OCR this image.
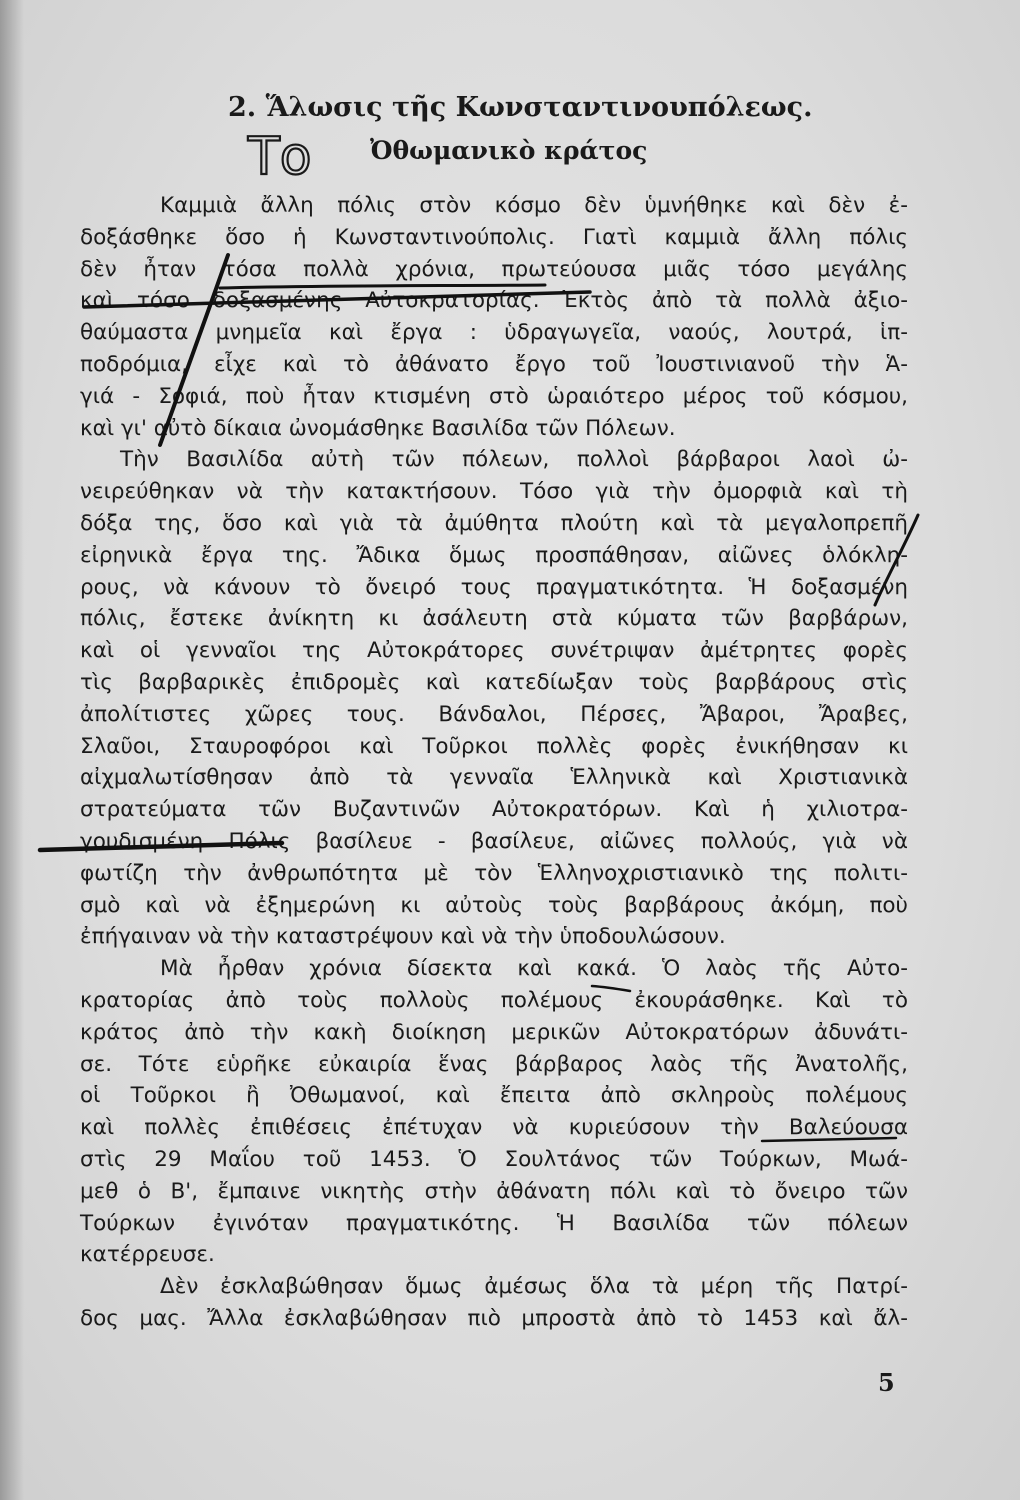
2. Ἅλωσις τῆς Κωνσταντινουπόλεως.
Ὀθωμανικὸ κράτος
Καμμιὰ ἄλλη πόλις στὸν κόσμο δὲν ὑμνήθηκε καὶ δὲν ἐ-
δοξάσθηκε ὅσο ἡ Κωνσταντινούπολις. Γιατὶ καμμιὰ ἄλλη πόλις
δὲν ἦταν τόσα πολλὰ χρόνια, πρωτεύουσα μιᾶς τόσο μεγάλης
καὶ τόσο δοξασμένης Αὐτοκρατορίας. Ἐκτὸς ἀπὸ τὰ πολλὰ ἀξιο-
θαύμαστα μνημεῖα καὶ ἔργα : ὑδραγωγεῖα, ναούς, λουτρά, ἱπ-
ποδρόμια, εἶχε καὶ τὸ ἀθάνατο ἔργο τοῦ Ἰουστινιανοῦ τὴν Ἁ-
γιά - Σοφιά, ποὺ ἦταν κτισμένη στὸ ὡραιότερο μέρος τοῦ κόσμου,
καὶ γι' αὐτὸ δίκαια ὠνομάσθηκε Βασιλίδα τῶν Πόλεων.
Τὴν Βασιλίδα αὐτὴ τῶν πόλεων, πολλοὶ βάρβαροι λαοὶ ὠ-
νειρεύθηκαν νὰ τὴν κατακτήσουν. Τόσο γιὰ τὴν ὀμορφιὰ καὶ τὴ
δόξα της, ὅσο καὶ γιὰ τὰ ἀμύθητα πλούτη καὶ τὰ μεγαλοπρεπῆ
εἰρηνικὰ ἔργα της. Ἄδικα ὅμως προσπάθησαν, αἰῶνες ὁλόκλη-
ρους, νὰ κάνουν τὸ ὄνειρό τους πραγματικότητα. Ἡ δοξασμένη
πόλις, ἔστεκε ἀνίκητη κι ἀσάλευτη στὰ κύματα τῶν βαρβάρων,
καὶ οἱ γενναῖοι της Αὐτοκράτορες συνέτριψαν ἀμέτρητες φορὲς
τὶς βαρβαρικὲς ἐπιδρομὲς καὶ κατεδίωξαν τοὺς βαρβάρους στὶς
ἀπολίτιστες χῶρες τους. Βάνδαλοι, Πέρσες, Ἄβαροι, Ἄραβες,
Σλαῦοι, Σταυροφόροι καὶ Τοῦρκοι πολλὲς φορὲς ἐνικήθησαν κι
αἰχμαλωτίσθησαν ἀπὸ τὰ γενναῖα Ἑλληνικὰ καὶ Χριστιανικὰ
στρατεύματα τῶν Βυζαντινῶν Αὐτοκρατόρων. Καὶ ἡ χιλιοτρα-
γουδισμένη Πόλις βασίλευε - βασίλευε, αἰῶνες πολλούς, γιὰ νὰ
φωτίζη τὴν ἀνθρωπότητα μὲ τὸν Ἑλληνοχριστιανικὸ της πολιτι-
σμὸ καὶ νὰ ἐξημερώνη κι αὐτοὺς τοὺς βαρβάρους ἀκόμη, ποὺ
ἐπήγαιναν νὰ τὴν καταστρέψουν καὶ νὰ τὴν ὑποδουλώσουν.
Μὰ ἦρθαν χρόνια δίσεκτα καὶ κακά. Ὁ λαὸς τῆς Αὐτο-
κρατορίας ἀπὸ τοὺς πολλοὺς πολέμους ἐκουράσθηκε. Καὶ τὸ
κράτος ἀπὸ τὴν κακὴ διοίκηση μερικῶν Αὐτοκρατόρων ἀδυνάτι-
σε. Τότε εὑρῆκε εὐκαιρία ἕνας βάρβαρος λαὸς τῆς Ἀνατολῆς,
οἱ Τοῦρκοι ἢ Ὀθωμανοί, καὶ ἔπειτα ἀπὸ σκληροὺς πολέμους
καὶ πολλὲς ἐπιθέσεις ἐπέτυχαν νὰ κυριεύσουν τὴν Βαλεύουσα
στὶς 29 Μαΐου τοῦ 1453. Ὁ Σουλτάνος τῶν Τούρκων, Μωά-
μεθ ὁ Β', ἔμπαινε νικητὴς στὴν ἀθάνατη πόλι καὶ τὸ ὄνειρο τῶν
Τούρκων ἐγινόταν πραγματικότης. Ἡ Βασιλίδα τῶν πόλεων
κατέρρευσε.
Δὲν ἐσκλαβώθησαν ὅμως ἀμέσως ὅλα τὰ μέρη τῆς Πατρί-
δος μας. Ἄλλα ἐσκλαβώθησαν πιὸ μπροστὰ ἀπὸ τὸ 1453 καὶ ἄλ-
5
Το
